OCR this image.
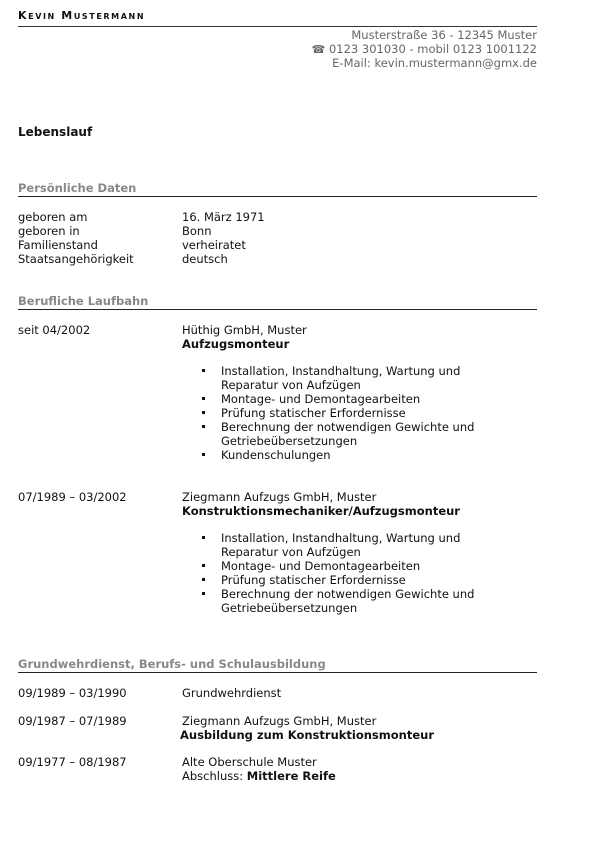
Kevin Mustermann
Musterstraße 36 - 12345 Muster
☎ 0123 301030 - mobil 0123 1001122
E-Mail: kevin.mustermann@gmx.de
Lebenslauf
Persönliche Daten
geboren am	16. März 1971
geboren in	Bonn
Familienstand	verheiratet
Staatsangehörigkeit	deutsch
Berufliche Laufbahn
seit 04/2002	Hüthig GmbH, Muster
Aufzugsmonteur
Installation, Instandhaltung, Wartung und Reparatur von Aufzügen
Montage- und Demontagearbeiten
Prüfung statischer Erfordernisse
Berechnung der notwendigen Gewichte und Getriebeübersetzungen
Kundenschulungen
07/1989 – 03/2002	Ziegmann Aufzugs GmbH, Muster
Konstruktionsmechaniker/Aufzugsmonteur
Installation, Instandhaltung, Wartung und Reparatur von Aufzügen
Montage- und Demontagearbeiten
Prüfung statischer Erfordernisse
Berechnung der notwendigen Gewichte und Getriebeübersetzungen
Grundwehrdienst, Berufs- und Schulausbildung
09/1989 – 03/1990	Grundwehrdienst
09/1987 – 07/1989	Ziegmann Aufzugs GmbH, Muster
Ausbildung zum Konstruktionsmonteur
09/1977 – 08/1987	Alte Oberschule Muster
Abschluss: Mittlere Reife
